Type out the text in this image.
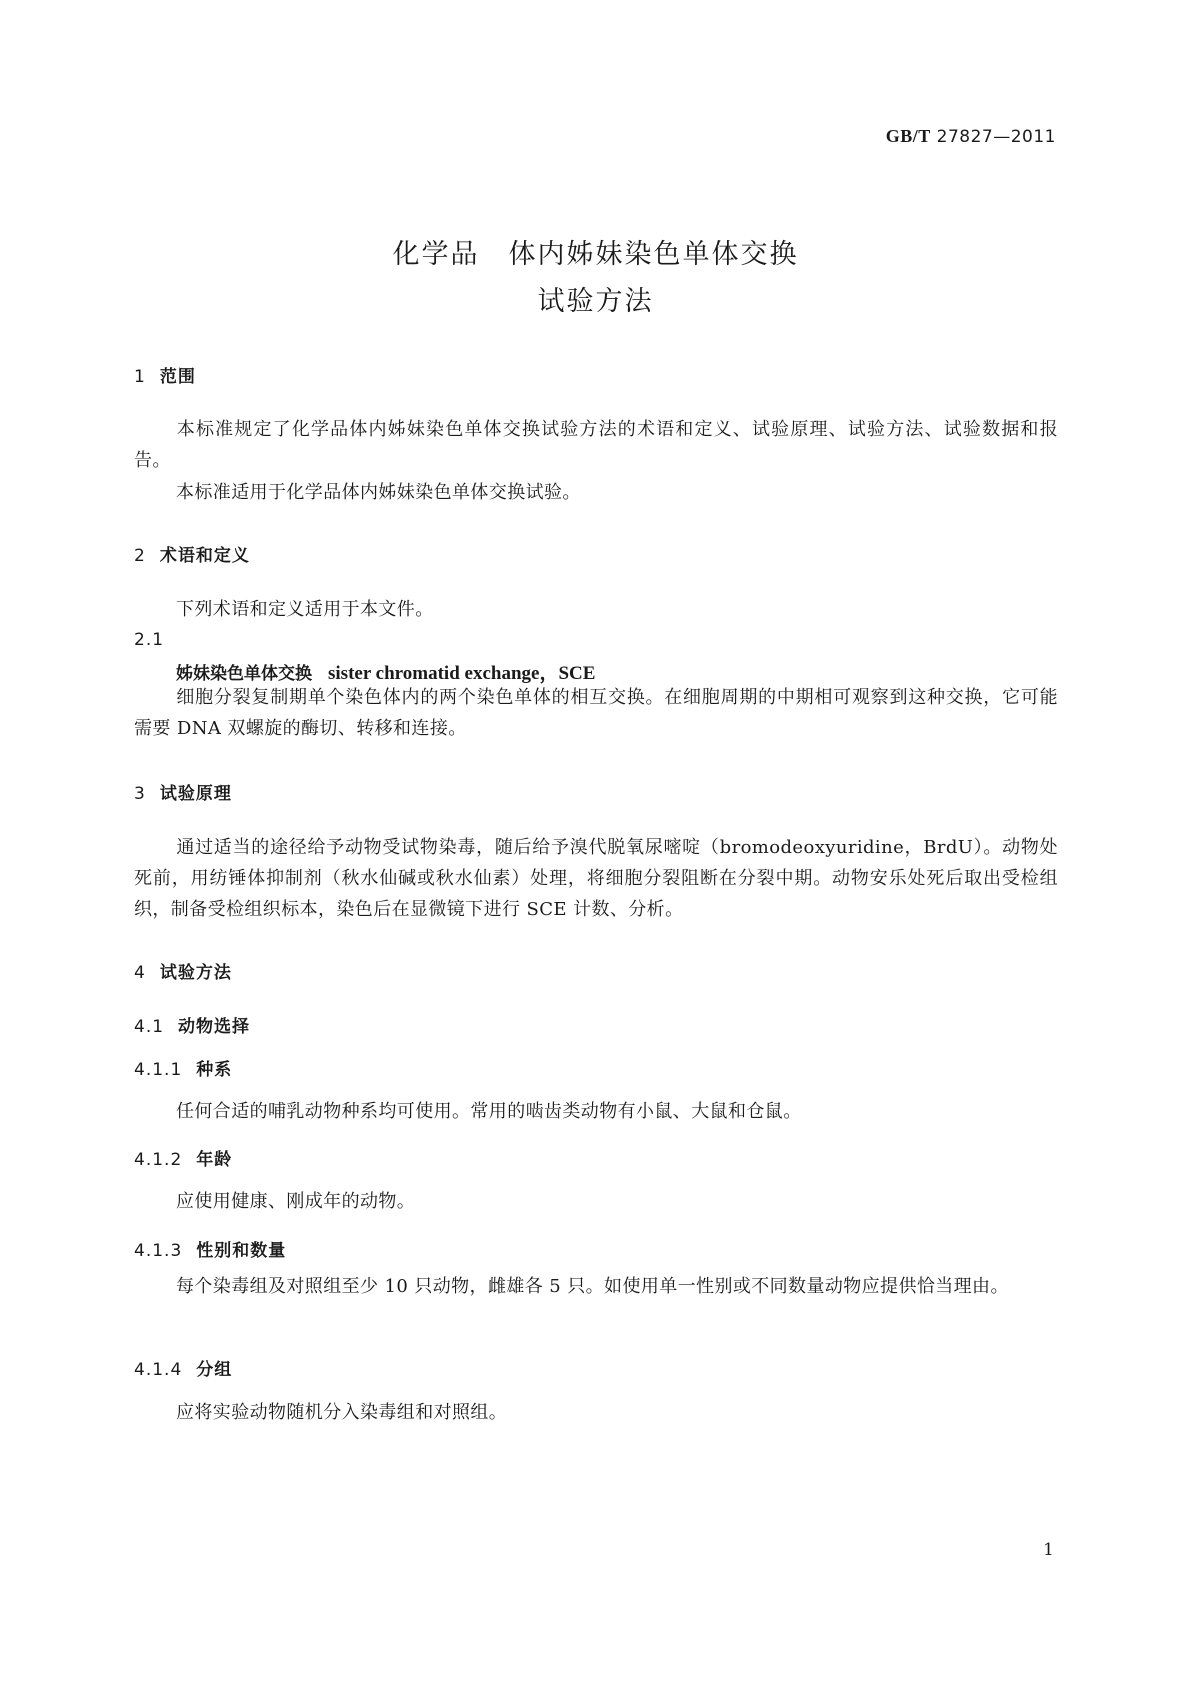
GB/T 27827—2011
化学品　体内姊妹染色单体交换
试验方法
1 范围
本标准规定了化学品体内姊妹染色单体交换试验方法的术语和定义、试验原理、试验方法、试验数据和报告。
本标准适用于化学品体内姊妹染色单体交换试验。
2 术语和定义
下列术语和定义适用于本文件。
2.1
姊妹染色单体交换 sister chromatid exchange，SCE
细胞分裂复制期单个染色体内的两个染色单体的相互交换。在细胞周期的中期相可观察到这种交换，它可能需要 DNA 双螺旋的酶切、转移和连接。
3 试验原理
通过适当的途径给予动物受试物染毒，随后给予溴代脱氧尿嘧啶（bromodeoxyuridine，BrdU）。动物处死前，用纺锤体抑制剂（秋水仙碱或秋水仙素）处理，将细胞分裂阻断在分裂中期。动物安乐处死后取出受检组织，制备受检组织标本，染色后在显微镜下进行 SCE 计数、分析。
4 试验方法
4.1 动物选择
4.1.1 种系
任何合适的哺乳动物种系均可使用。常用的啮齿类动物有小鼠、大鼠和仓鼠。
4.1.2 年龄
应使用健康、刚成年的动物。
4.1.3 性别和数量
每个染毒组及对照组至少 10 只动物，雌雄各 5 只。如使用单一性别或不同数量动物应提供恰当理由。
4.1.4 分组
应将实验动物随机分入染毒组和对照组。
1
